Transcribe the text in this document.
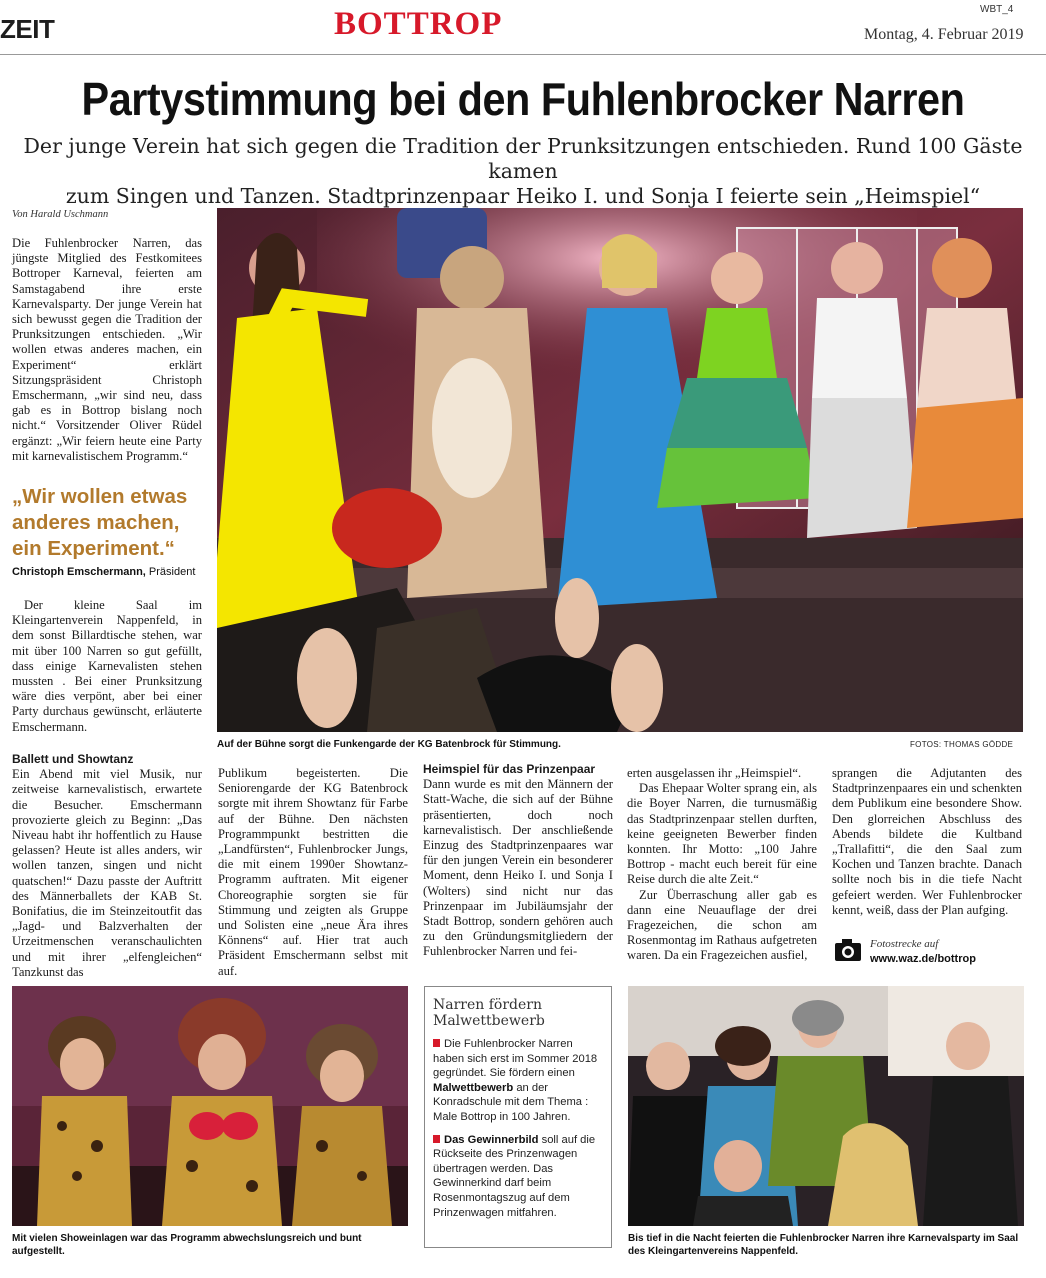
ZEIT	BOTTROP	WBT_4
Montag, 4. Februar 2019
Partystimmung bei den Fuhlenbrocker Narren
Der junge Verein hat sich gegen die Tradition der Prunksitzungen entschieden. Rund 100 Gäste kamen
zum Singen und Tanzen. Stadtprinzenpaar Heiko I. und Sonja I feierte sein „Heimspiel“
Von Harald Uschmann

Die Fuhlenbrocker Narren, das jüngste Mitglied des Festkomitees Bottroper Karneval, feierten am Samstagabend ihre erste Karnevalsparty. Der junge Verein hat sich bewusst gegen die Tradition der Prunksitzungen entschieden. „Wir wollen etwas anderes machen, ein Experiment“ erklärt Sitzungspräsident Christoph Emschermann, „wir sind neu, dass gab es in Bottrop bislang noch nicht.“ Vorsitzender Oliver Rüdel ergänzt: „Wir feiern heute eine Party mit karnevalistischem Programm.“

„Wir wollen etwas anderes machen, ein Experiment.“
Christoph Emschermann, Präsident

Der kleine Saal im Kleingartenverein Nappenfeld, in dem sonst Billardtische stehen, war mit über 100 Narren so gut gefüllt, dass einige Karnevalisten stehen mussten . Bei einer Prunksitzung wäre dies verpönt, aber bei einer Party durchaus gewünscht, erläuterte Emschermann.

Ballett und Showtanz

Ein Abend mit viel Musik, nur zeitweise karnevalistisch, erwartete die Besucher. Emschermann provozierte gleich zu Beginn: „Das Niveau habt ihr hoffentlich zu Hause gelassen? Heute ist alles anders, wir wollen tanzen, singen und nicht quatschen!“ Dazu passte der Auftritt des Männerballets der KAB St. Bonifatius, die im Steinzeitoutfit das „Jagd- und Balzverhalten der Urzeitmenschen veranschaulichten und mit ihrer „elfengleichen“ Tanzkunst das

Auf der Bühne sorgt die Funkengarde der KG Batenbrock für Stimmung.	FOTOS: THOMAS GÖDDE

Publikum begeisterten. Die Seniorengarde der KG Batenbrock sorgte mit ihrem Showtanz für Farbe auf der Bühne. Den nächsten Programmpunkt bestritten die „Landfürsten“, Fuhlenbrocker Jungs, die mit einem 1990er Showtanz- Programm auftraten. Mit eigener Choreographie sorgten sie für Stimmung und zeigten als Gruppe und Solisten eine „neue Ära ihres Könnens“ auf. Hier trat auch Präsident Emschermann selbst mit auf.

Heimspiel für das Prinzenpaar

Dann wurde es mit den Männern der Statt-Wache, die sich auf der Bühne präsentierten, doch noch karnevalistisch. Der anschließende Einzug des Stadtprinzenpaares war für den jungen Verein ein besonderer Moment, denn Heiko I. und Sonja I (Wolters) sind nicht nur das Prinzenpaar im Jubiläumsjahr der Stadt Bottrop, sondern gehören auch zu den Gründungsmitgliedern der Fuhlenbrocker Narren und fei-

erten ausgelassen ihr „Heimspiel“.

Das Ehepaar Wolter sprang ein, als die Boyer Narren, die turnusmäßig das Stadtprinzenpaar stellen durften, keine geeigneten Bewerber finden konnten. Ihr Motto: „100 Jahre Bottrop - macht euch bereit für eine Reise durch die alte Zeit.“

Zur Überraschung aller gab es dann eine Neuauflage der drei Fragezeichen, die schon am Rosenmontag im Rathaus aufgetreten waren. Da ein Fragezeichen ausfiel,

sprangen die Adjutanten des Stadtprinzenpaares ein und schenkten dem Publikum eine besondere Show. Den glorreichen Abschluss des Abends bildete die Kultband „Trallafitti“, die den Saal zum Kochen und Tanzen brachte. Danach sollte noch bis in die tiefe Nacht gefeiert werden. Wer Fuhlenbrocker kennt, weiß, dass der Plan aufging.

Fotostrecke auf
www.waz.de/bottrop
Mit vielen Showeinlagen war das Programm abwechslungsreich und bunt aufgestellt.
Narren fördern
Malwettbewerb
Die Fuhlenbrocker Narren haben sich erst im Sommer 2018 gegründet. Sie fördern einen Malwettbewerb an der Konradschule mit dem Thema : Male Bottrop in 100 Jahren.
Das Gewinnerbild soll auf die Rückseite des Prinzenwagen übertragen werden. Das Gewinnerkind darf beim Rosenmontagszug auf dem Prinzenwagen mitfahren.
Bis tief in die Nacht feierten die Fuhlenbrocker Narren ihre Karnevalsparty im Saal des Kleingartenvereins Nappenfeld.
